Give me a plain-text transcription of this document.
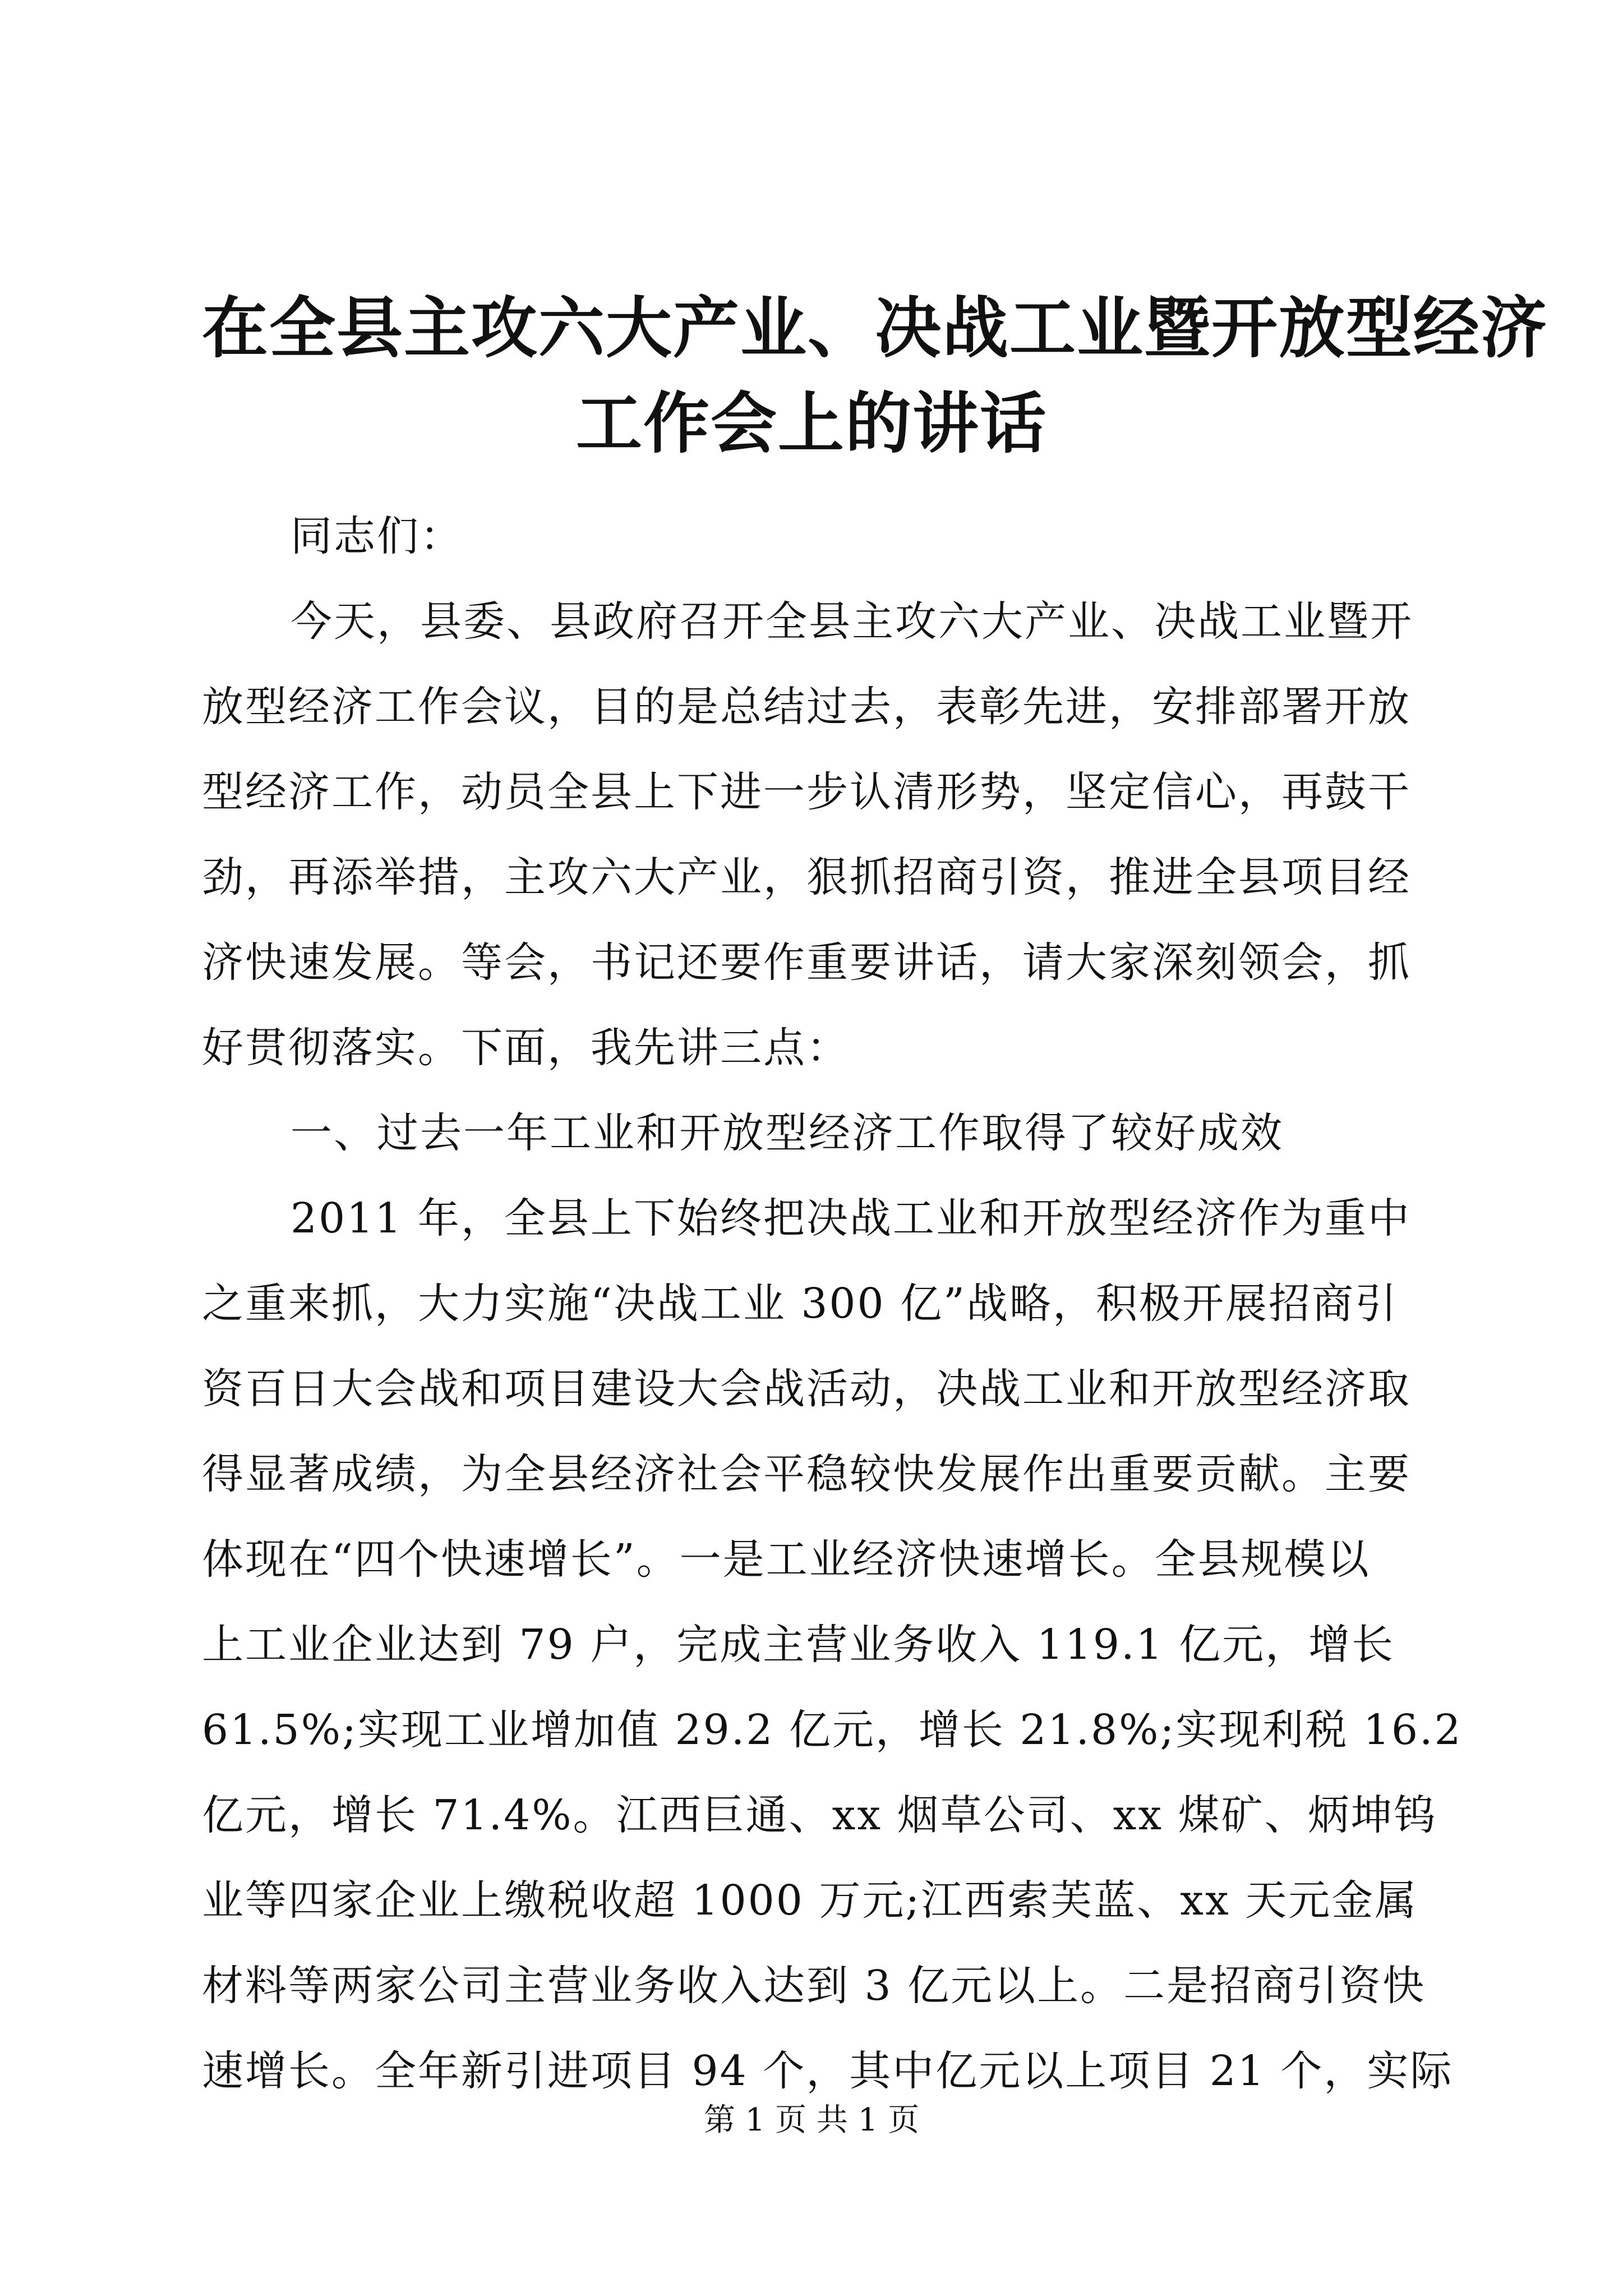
在全县主攻六大产业、决战工业暨开放型经济
工作会上的讲话
同志们：
今天，县委、县政府召开全县主攻六大产业、决战工业暨开
放型经济工作会议，目的是总结过去，表彰先进，安排部署开放
型经济工作，动员全县上下进一步认清形势，坚定信心，再鼓干
劲，再添举措，主攻六大产业，狠抓招商引资，推进全县项目经
济快速发展。等会，书记还要作重要讲话，请大家深刻领会，抓
好贯彻落实。下面，我先讲三点：
一、过去一年工业和开放型经济工作取得了较好成效
2011 年，全县上下始终把决战工业和开放型经济作为重中
之重来抓，大力实施“决战工业 300 亿”战略，积极开展招商引
资百日大会战和项目建设大会战活动，决战工业和开放型经济取
得显著成绩，为全县经济社会平稳较快发展作出重要贡献。主要
体现在“四个快速增长”。一是工业经济快速增长。全县规模以
上工业企业达到 79 户，完成主营业务收入 119.1 亿元，增长
61.5%;实现工业增加值 29.2 亿元，增长 21.8%;实现利税 16.2
亿元，增长 71.4%。江西巨通、xx 烟草公司、xx 煤矿、炳坤钨
业等四家企业上缴税收超 1000 万元;江西索芙蓝、xx 天元金属
材料等两家公司主营业务收入达到 3 亿元以上。二是招商引资快
速增长。全年新引进项目 94 个，其中亿元以上项目 21 个，实际
第 1 页 共 1 页
